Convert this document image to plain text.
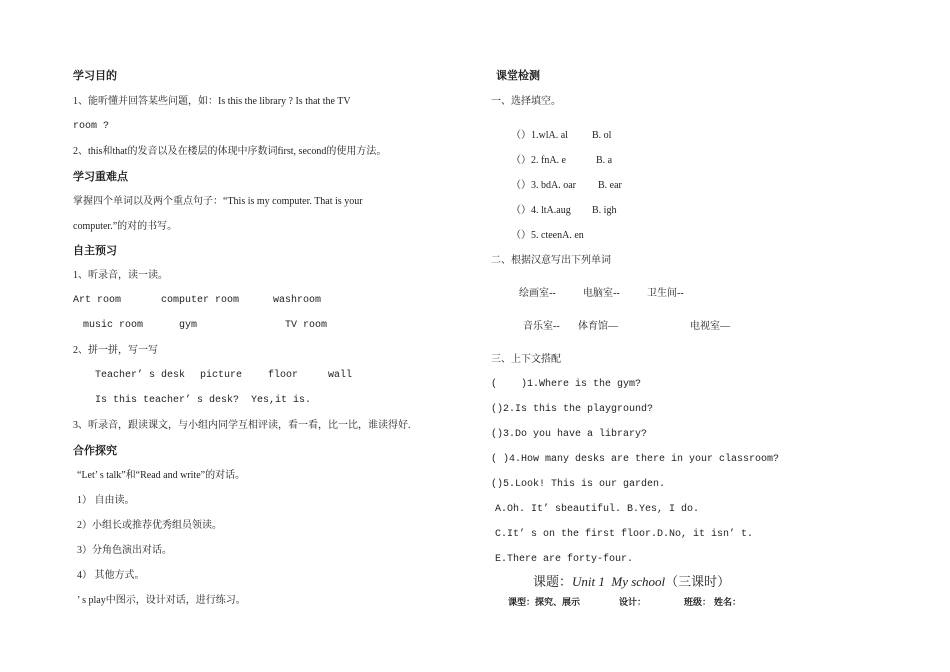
学习目的
1、能听懂并回答某些问题，如：Is this the library ? Is that the TV
room ?
2、this和that的发音以及在楼层的体现中序数词first, second的使用方法。
学习重难点
掌握四个单词以及两个重点句子：“This is my computer. That is your
computer.”的对的书写。
自主预习
1、听录音，读一读。
Art room	computer room	washroom
music room	gym	TV room
2、拼一拼，写一写
Teacher’ s desk picture	floor	wall
Is this teacher’ s desk?  Yes,it is.
3、听录音，跟读课文，与小组内同学互相评读，看一看，比一比，谁读得好.
合作探究
“Let’ s talk”和“Read and write”的对话。
1） 自由读。
2）小组长或推荐优秀组员领读。
3）分角色演出对话。
4） 其他方式。
’ s play中图示，设计对话，进行练习。
课堂检测
一、选择填空。
（）1.wlA. al B. ol
（）2. fnA. e	B. a
（）3. bdA. oar B. ear
（）4. ltA.aug B. igh
（）5. cteenA. en
二、根据汉意写出下列单词
绘画室--	电脑室--	卫生间--
音乐室-- 体育馆—	电视室—
三、上下文搭配
(    )1.Where is the gym?
()2.Is this the playground?
()3.Do you have a library?
( )4.How many desks are there in your classroom?
()5.Look! This is our garden.
A.Oh. It’ sbeautiful. B.Yes, I do.
C.It’ s on the first floor.D.No, it isn’ t.
E.There are forty-four.
课题：Unit 1  My school（三课时）
课型：探究、展示	设计：	班级： 姓名：
